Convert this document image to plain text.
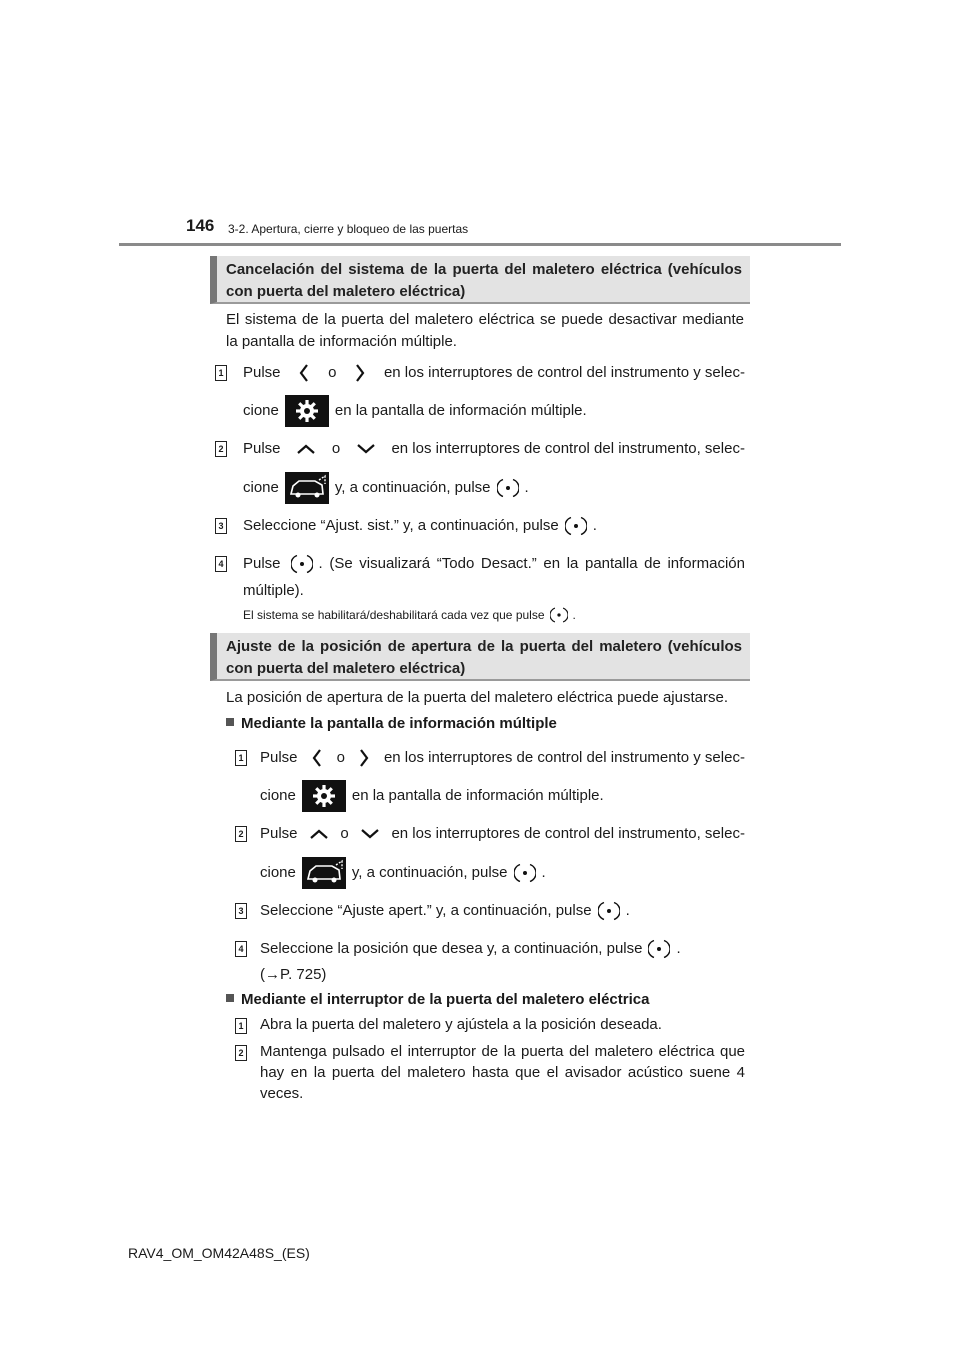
146 3-2. Apertura, cierre y bloqueo de las puertas
Cancelación del sistema de la puerta del maletero eléctrica (vehículos
con puerta del maletero eléctrica)
El sistema de la puerta del maletero eléctrica se puede desactivar mediante
la pantalla de información múltiple.
1 Pulse	o	en los interruptores de control del instrumento y selec-
cione	en la pantalla de información múltiple.
2 Pulse	o	en los interruptores de control del instrumento, selec-
cione	y, a continuación, pulse .
3 Seleccione “Ajust. sist.” y, a continuación, pulse .
4 Pulse	. (Se visualizará “Todo Desact.” en la pantalla de información
múltiple).
El sistema se habilitará/deshabilitará cada vez que pulse .
Ajuste de la posición de apertura de la puerta del maletero (vehículos
con puerta del maletero eléctrica)
La posición de apertura de la puerta del maletero eléctrica puede ajustarse.
Mediante la pantalla de información múltiple
1 Pulse	o	en los interruptores de control del instrumento y selec-
cione	en la pantalla de información múltiple.
2 Pulse	o	en los interruptores de control del instrumento, selec-
cione	y, a continuación, pulse .
3 Seleccione “Ajuste apert.” y, a continuación, pulse .
4 Seleccione la posición que desea y, a continuación, pulse .
(→P. 725)
Mediante el interruptor de la puerta del maletero eléctrica
1 Abra la puerta del maletero y ajústela a la posición deseada.
2 Mantenga pulsado el interruptor de la puerta del maletero eléctrica que
hay en la puerta del maletero hasta que el avisador acústico suene 4
veces.
RAV4_OM_OM42A48S_(ES)
